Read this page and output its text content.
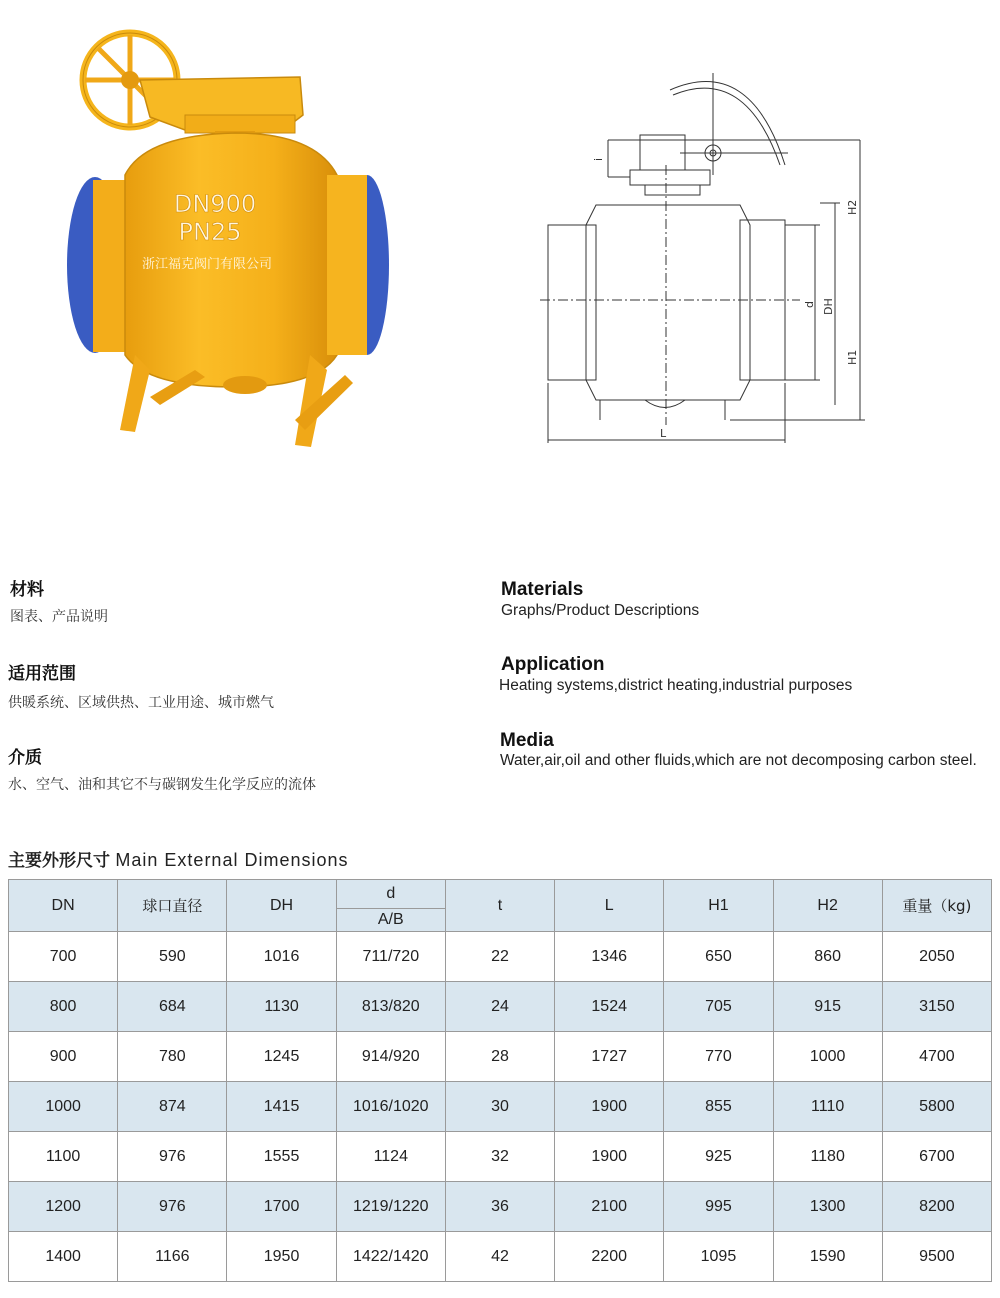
DN900
PN25
浙江福克阀门有限公司
i
H2
d DH
H1
L

材料

图表、产品说明

适用范围

供暖系统、区域供热、工业用途、城市燃气

介质

水、空气、油和其它不与碳钢发生化学反应的流体

Materials

Graphs/Product Descriptions

Application

Heating systems,district heating,industrial purposes

Media

Water,air,oil and other fluids,which are not decomposing carbon steel.

主要外形尺寸 Main External Dimensions
DN	球口直径	DH	d	t	L	H1	H2	重量（kg)
			A/B					
700	590	1016	711/720	22	1346	650	860	2050
800	684	1130	813/820	24	1524	705	915	3150
900	780	1245	914/920	28	1727	770	1000	4700
1000	874	1415	1016/1020	30	1900	855	1110	5800
1100	976	1555	1124	32	1900	925	1180	6700
1200	976	1700	1219/1220	36	2100	995	1300	8200
1400	1166	1950	1422/1420	42	2200	1095	1590	9500
